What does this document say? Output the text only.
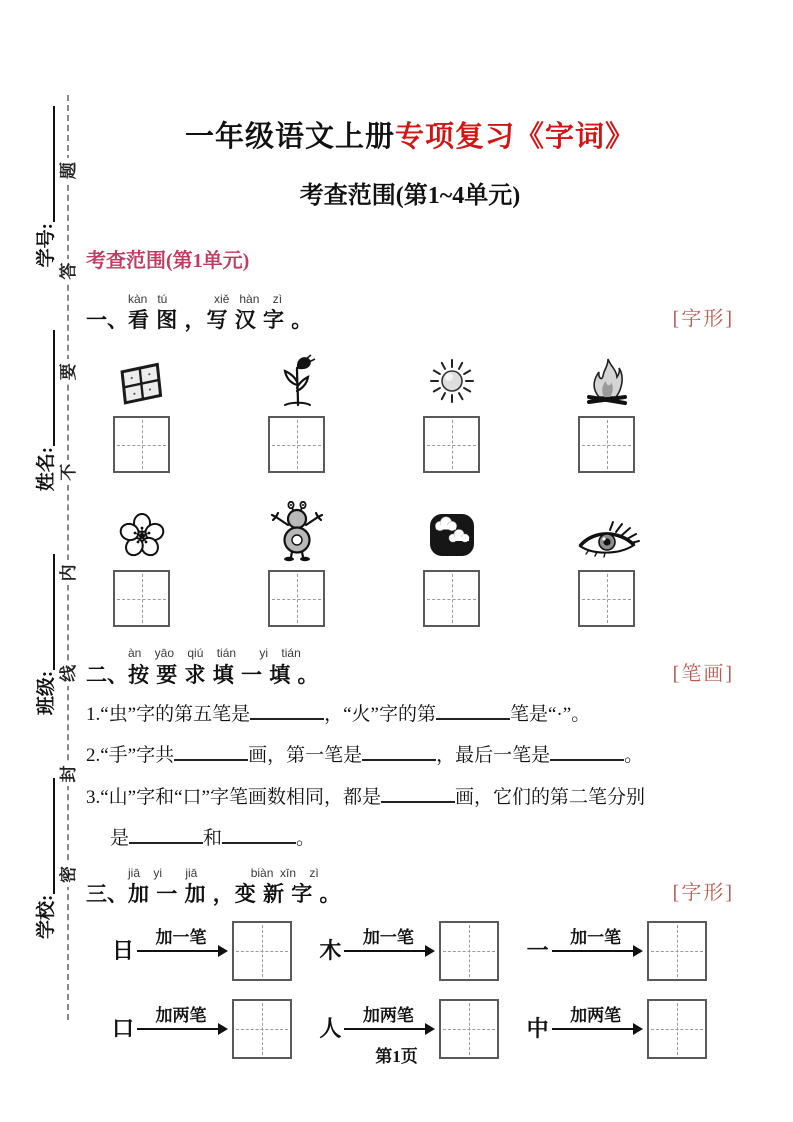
题
答
要
不
内
线
封
密
学号:
姓名:
班级:
学校:
一年级语文上册专项复习《字词》
考查范围(第1~4单元)
考查范围(第1单元)
一、
kàn   tú              xiě   hàn    zì
看 图 ，写 汉 字 。	[字形]
二、
àn    yāo    qiú    tián       yi    tián
按 要 求 填 一 填 。	[笔画]

1.“虫”字的第五笔是	，“火”字的第	笔是“·”。

2.“手”字共	画，第一笔是	，最后一笔是	。

3.“山”字和“口”字笔画数相同，都是	画，它们的第二笔分别

是	和	。

三、
jiā    yi       jiā                biàn  xīn    zì
加 一 加 ，变 新 字 。	[字形]
日
加一笔
木
加一笔
一
加一笔
口
加两笔
人
加两笔
中
加两笔
第1页
